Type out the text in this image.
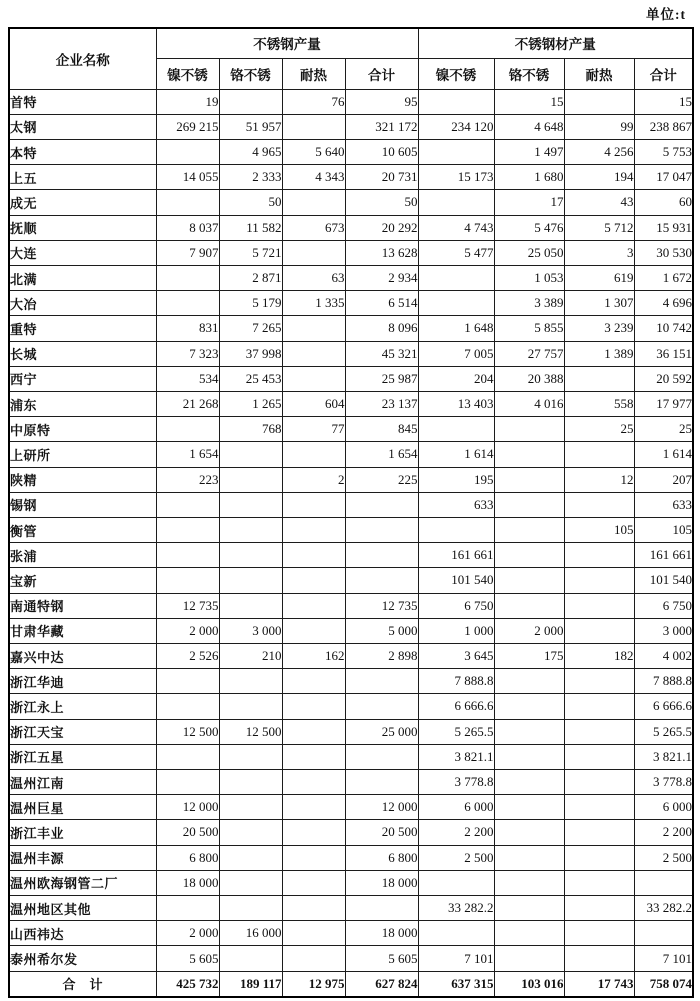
单位:t
企业名称	不锈钢产量				不锈钢材产量			
	镍不锈	铬不锈	耐热	合计	镍不锈	铬不锈	耐热	合计
首特	19		76	95		15		15
太钢	269 215	51 957		321 172	234 120	4 648	99	238 867
本特		4 965	5 640	10 605		1 497	4 256	5 753
上五	14 055	2 333	4 343	20 731	15 173	1 680	194	17 047
成无		50		50		17	43	60
抚顺	8 037	11 582	673	20 292	4 743	5 476	5 712	15 931
大连	7 907	5 721		13 628	5 477	25 050	3	30 530
北满		2 871	63	2 934		1 053	619	1 672
大冶		5 179	1 335	6 514		3 389	1 307	4 696
重特	831	7 265		8 096	1 648	5 855	3 239	10 742
长城	7 323	37 998		45 321	7 005	27 757	1 389	36 151
西宁	534	25 453		25 987	204	20 388		20 592
浦东	21 268	1 265	604	23 137	13 403	4 016	558	17 977
中原特		768	77	845			25	25
上研所	1 654			1 654	1 614			1 614
陕精	223		2	225	195		12	207
锡钢					633			633
衡管							105	105
张浦					161 661			161 661
宝新					101 540			101 540
南通特钢	12 735			12 735	6 750			6 750
甘肃华藏	2 000	3 000		5 000	1 000	2 000		3 000
嘉兴中达	2 526	210	162	2 898	3 645	175	182	4 002
浙江华迪					7 888.8			7 888.8
浙江永上					6 666.6			6 666.6
浙江天宝	12 500	12 500		25 000	5 265.5			5 265.5
浙江五星					3 821.1			3 821.1
温州江南					3 778.8			3 778.8
温州巨星	12 000			12 000	6 000			6 000
浙江丰业	20 500			20 500	2 200			2 200
温州丰源	6 800			6 800	2 500			2 500
温州欧海钢管二厂	18 000			18 000				
温州地区其他					33 282.2			33 282.2
山西祎达	2 000	16 000		18 000				
泰州希尔发	5 605			5 605	7 101			7 101
合　计	425 732	189 117	12 975	627 824	637 315	103 016	17 743	758 074
